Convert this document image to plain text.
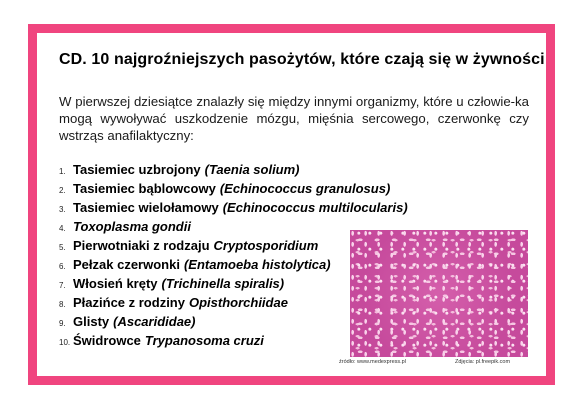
CD. 10 najgroźniejszych pasożytów, które czają się w żywności
W pierwszej dziesiątce znalazły się między innymi organizmy, które u człowie-ka mogą wywoływać uszkodzenie mózgu, mięśnia sercowego, czerwonkę czy wstrząs anafilaktyczny:
1. Tasiemiec uzbrojony (Taenia solium)
2. Tasiemiec bąblowcowy (Echinococcus granulosus)
3. Tasiemiec wielołamowy (Echinococcus multilocularis)
4. Toxoplasma gondii
5. Pierwotniaki z rodzaju Cryptosporidium
6. Pełzak czerwonki (Entamoeba histolytica)
7. Włosień kręty (Trichinella spiralis)
8. Płazińce z rodziny Opisthorchiidae
9. Glisty (Ascarididae)
10. Świdrowce Trypanosoma cruzi
źródło: www.medexpress.pl	Zdjęcia: pl.freepik.com
